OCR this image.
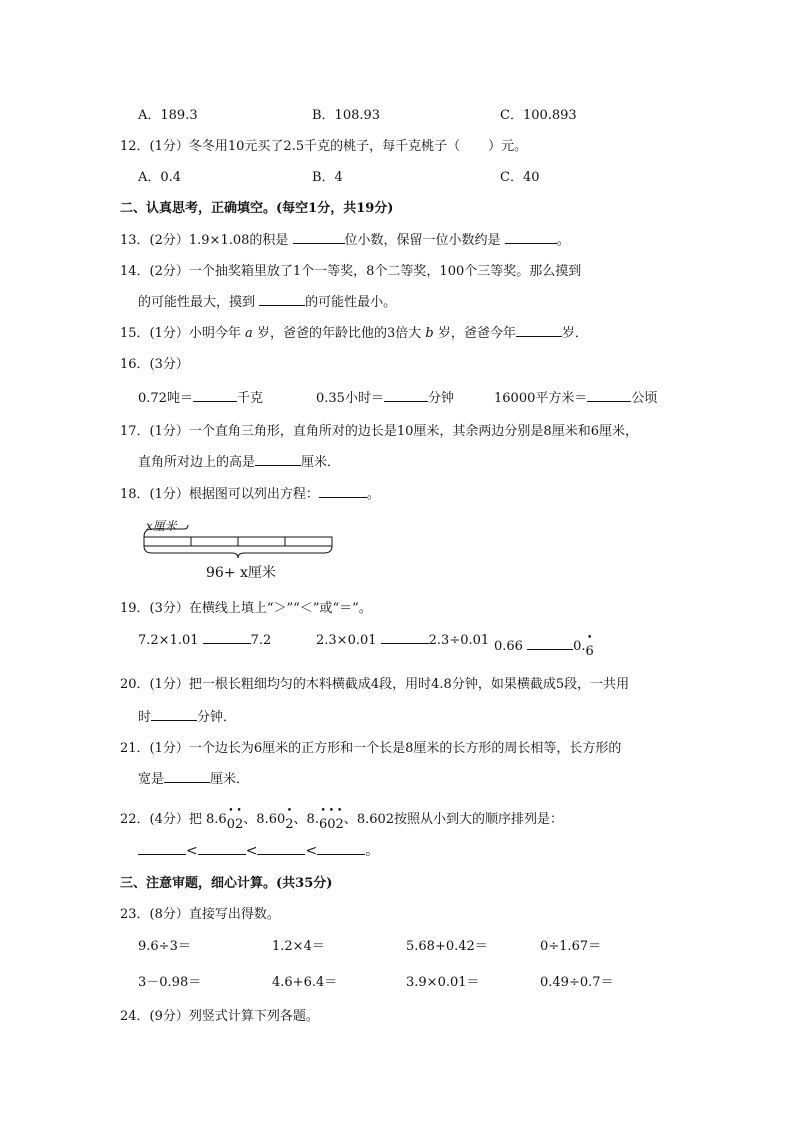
A．189.3	B．108.93	C．100.893
12．(1分）冬冬用10元买了2.5千克的桃子，每千克桃子（ ）元。
A．0.4	B．4	C．40
二、认真思考，正确填空。(每空1分，共19分)
13．(2分）1.9×1.08的积是	位小数，保留一位小数约是	。
14．(2分）一个抽奖箱里放了1个一等奖，8个二等奖，100个三等奖。那么摸到
的可能性最大，摸到	的可能性最小。
15．(1分）小明今年 a 岁，爸爸的年龄比他的3倍大 b 岁，爸爸今年	岁．
16．(3分）
0.72吨＝	千克	0.35小时＝	分钟	16000平方米＝	公顷
17．(1分）一个直角三角形，直角所对的边长是10厘米，其余两边分别是8厘米和6厘米，
直角所对边上的高是	厘米．
18．(1分）根据图可以列出方程：	。
x厘米
96+ x厘米
19．(3分）在横线上填上“＞”“＜”或“＝”。
7.2×1.01	7.2	2.3×0.01	2.3÷0.01 0.66	0.• 6
20．(1分）把一根长粗细均匀的木料横截成4段，用时4.8分钟，如果横截成5段，一共用
时	分钟．
21．(1分）一个边长为6厘米的正方形和一个长是8厘米的长方形的周长相等，长方形的
宽是	厘米．
22．(4分）把 8.6• 0• 2、8.60• 2、8.• 6• 0• 2、8.602按照从小到大的顺序排列是：
<	<	<	。
三、注意审题，细心计算。(共35分)
23．(8分）直接写出得数。
9.6÷3＝	1.2×4＝	5.68+0.42＝	0÷1.67＝
3－0.98＝	4.6+6.4＝	3.9×0.01＝	0.49÷0.7＝
24．(9分）列竖式计算下列各题。
